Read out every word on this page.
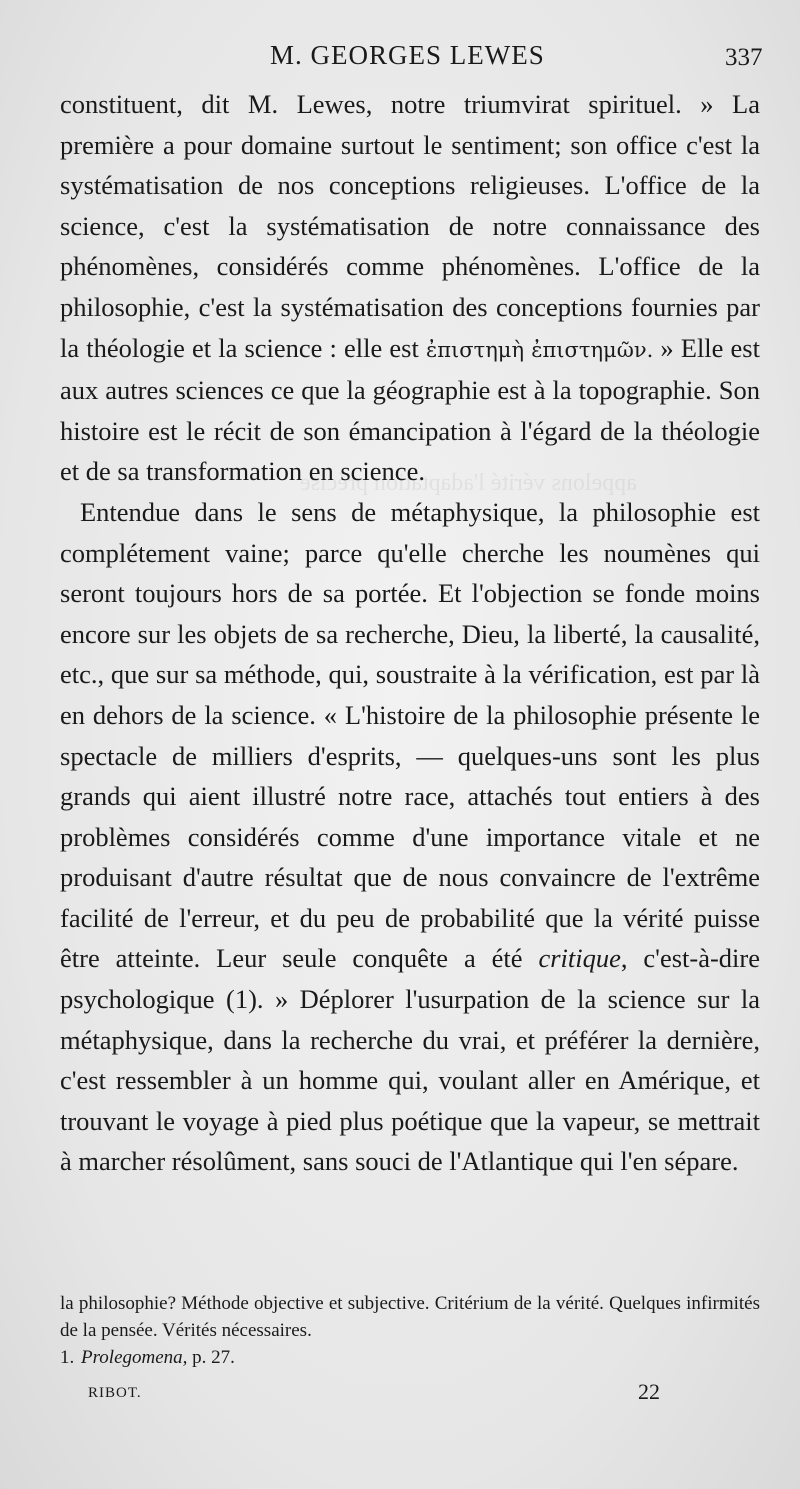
appelons vérité l'adaptation précise
M. GEORGES LEWES	337

constituent, dit M. Lewes, notre triumvirat spirituel. » La première a pour domaine surtout le sentiment; son office c'est la systématisation de nos conceptions religieuses. L'office de la science, c'est la systématisation de notre connaissance des phénomènes, considérés comme phénomènes. L'office de la philosophie, c'est la systématisation des conceptions fournies par la théologie et la science : elle est ἐπιστημὴ ἐπιστημῶν. » Elle est aux autres sciences ce que la géographie est à la topographie. Son histoire est le récit de son émancipation à l'égard de la théologie et de sa transformation en science.

Entendue dans le sens de métaphysique, la philosophie est complétement vaine; parce qu'elle cherche les noumènes qui seront toujours hors de sa portée. Et l'objection se fonde moins encore sur les objets de sa recherche, Dieu, la liberté, la causalité, etc., que sur sa méthode, qui, soustraite à la vérification, est par là en dehors de la science. « L'histoire de la philosophie présente le spectacle de milliers d'esprits, — quelques-uns sont les plus grands qui aient illustré notre race, attachés tout entiers à des problèmes considérés comme d'une importance vitale et ne produisant d'autre résultat que de nous convaincre de l'extrême facilité de l'erreur, et du peu de probabilité que la vérité puisse être atteinte. Leur seule conquête a été critique, c'est-à-dire psychologique (1). » Déplorer l'usurpation de la science sur la métaphysique, dans la recherche du vrai, et préférer la dernière, c'est ressembler à un homme qui, voulant aller en Amérique, et trouvant le voyage à pied plus poétique que la vapeur, se mettrait à marcher résolûment, sans souci de l'Atlantique qui l'en sépare.

la philosophie? Méthode objective et subjective. Critérium de la vérité. Quelques infirmités de la pensée. Vérités nécessaires.

1. Prolegomena, p. 27.

RIBOT.	22
